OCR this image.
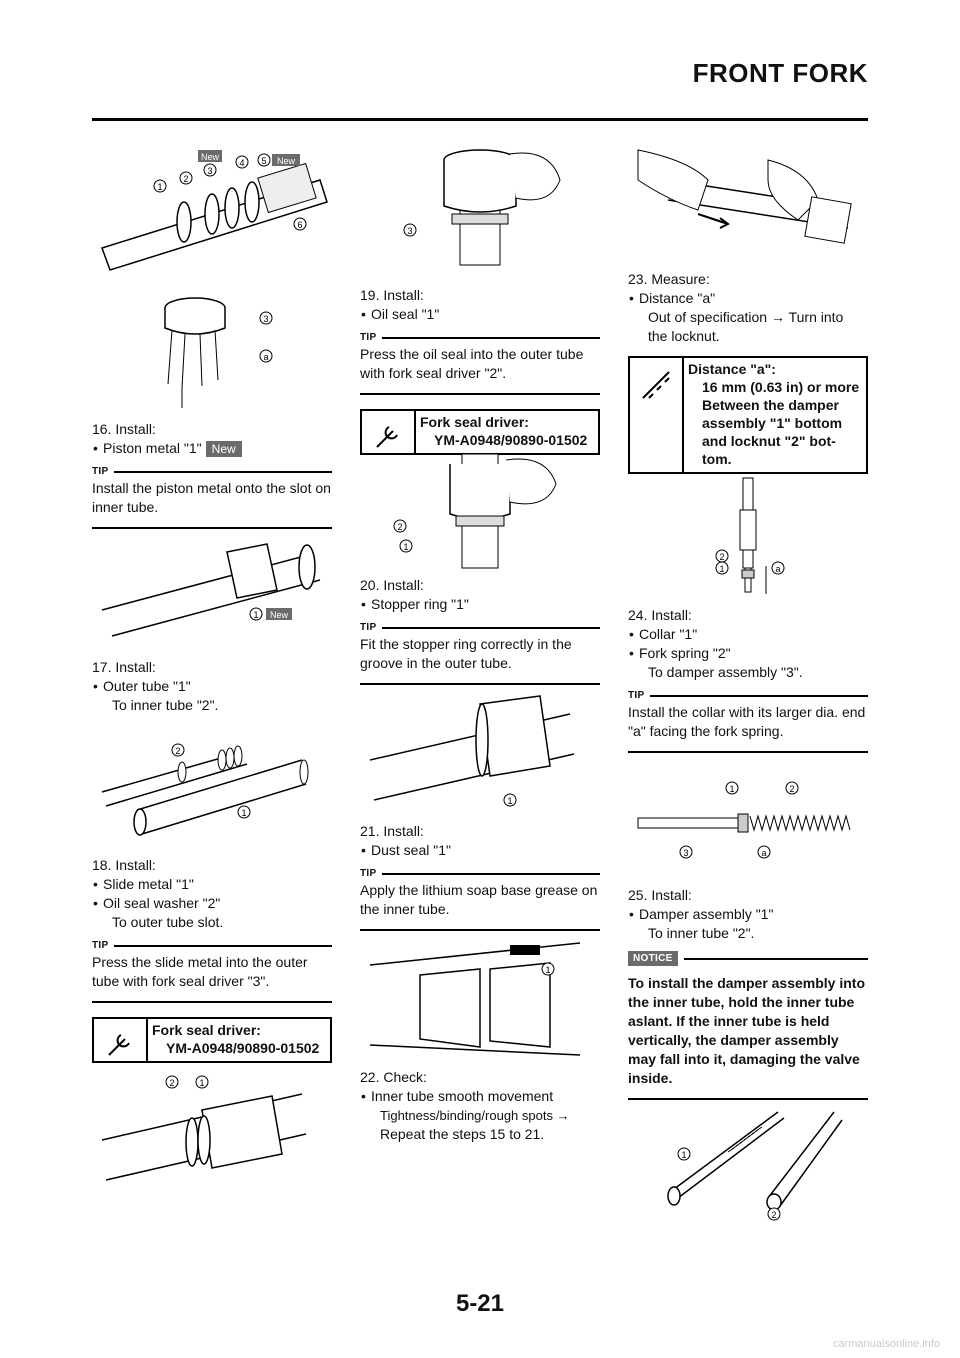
FRONT FORK
New	New
1
2
3
4 5
6
3
a
16. Install:
• Piston metal "1" New
TIP
Install the piston metal onto the slot on inner tube.
1 New
17. Install:
• Outer tube "1"
To inner tube "2".
2
1
18. Install:
• Slide metal "1"
• Oil seal washer "2"
To outer tube slot.
TIP
Press the slide metal into the outer tube with fork seal driver "3".
Fork seal driver:
YM-A0948/90890-01502
2	1
3
19. Install:
• Oil seal "1"
TIP
Press the oil seal into the outer tube with fork seal driver "2".
Fork seal driver:
YM-A0948/90890-01502
2
1
20. Install:
• Stopper ring "1"
TIP
Fit the stopper ring correctly in the groove in the outer tube.
1
21. Install:
• Dust seal "1"
TIP
Apply the lithium soap base grease on the inner tube.
1
22. Check:
• Inner tube smooth movement
Tightness/binding/rough spots →
Repeat the steps 15 to 21.
23. Measure:
• Distance "a"
Out of specification → Turn into
the locknut.
Distance "a":
16 mm (0.63 in) or more
Between the damper
assembly "1" bottom
and locknut "2" bot-
tom.
2
1	a
24. Install:
• Collar "1"
• Fork spring "2"
To damper assembly "3".
TIP
Install the collar with its larger dia. end "a" facing the fork spring.
1	2
3	a
25. Install:
• Damper assembly "1"
To inner tube "2".
NOTICE
To install the damper assembly into the inner tube, hold the inner tube aslant. If the inner tube is held vertically, the damper assembly may fall into it, damaging the valve inside.
1
2
5-21
carmanualsonline.info
